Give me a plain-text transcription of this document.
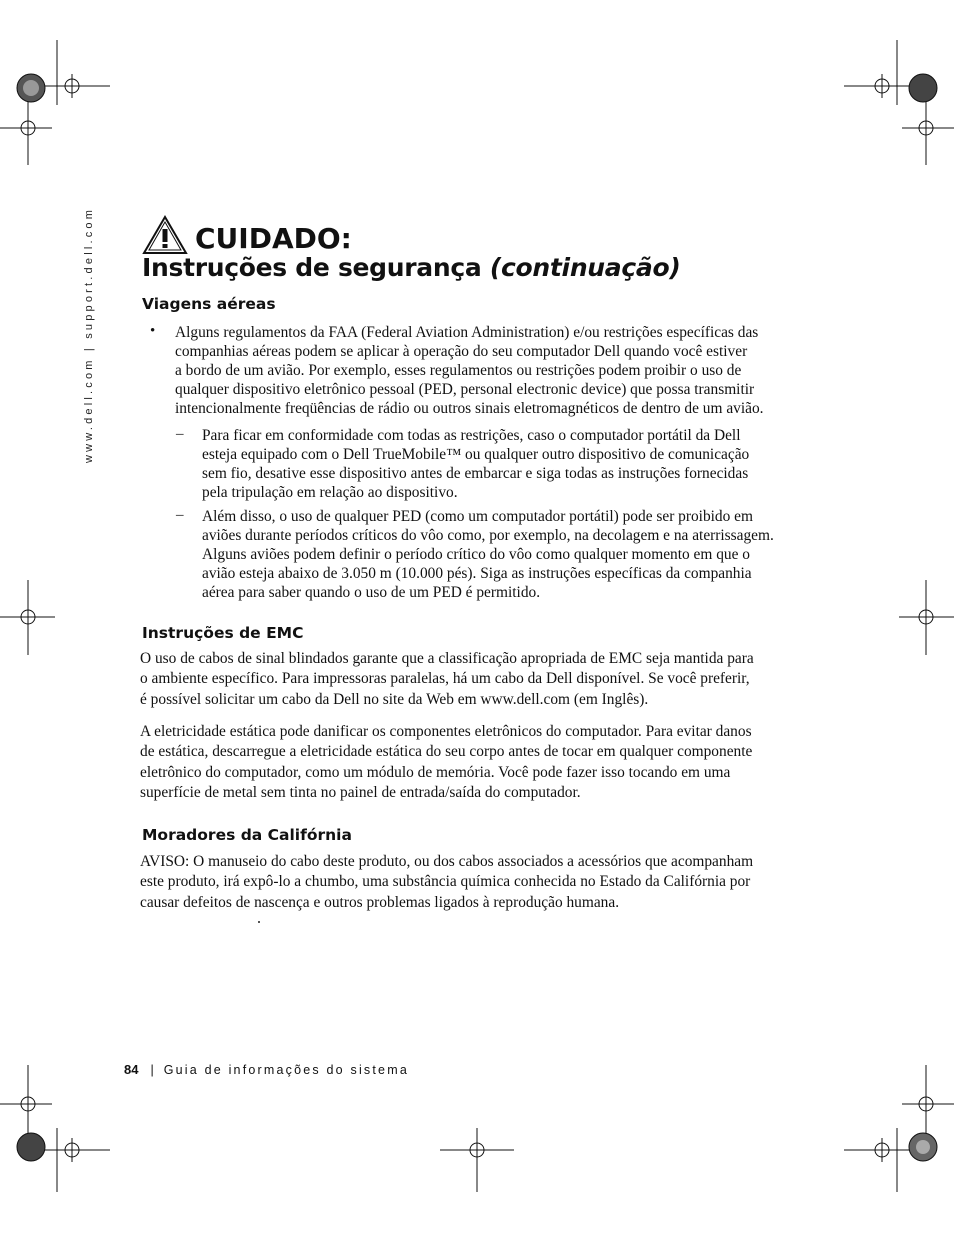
www.dell.com | support.dell.com	CUIDADO:
Instruções de segurança (continuação)
Viagens aéreas
• Alguns regulamentos da FAA (Federal Aviation Administration) e/ou restrições específicas das
companhias aéreas podem se aplicar à operação do seu computador Dell quando você estiver
a bordo de um avião. Por exemplo, esses regulamentos ou restrições podem proibir o uso de
qualquer dispositivo eletrônico pessoal (PED, personal electronic device) que possa transmitir
intencionalmente freqüências de rádio ou outros sinais eletromagnéticos de dentro de um avião.
– Para ficar em conformidade com todas as restrições, caso o computador portátil da Dell
esteja equipado com o Dell TrueMobile™ ou qualquer outro dispositivo de comunicação
sem fio, desative esse dispositivo antes de embarcar e siga todas as instruções fornecidas
pela tripulação em relação ao dispositivo.
– Além disso, o uso de qualquer PED (como um computador portátil) pode ser proibido em
aviões durante períodos críticos do vôo como, por exemplo, na decolagem e na aterrissagem.
Alguns aviões podem definir o período crítico do vôo como qualquer momento em que o
avião esteja abaixo de 3.050 m (10.000 pés). Siga as instruções específicas da companhia
aérea para saber quando o uso de um PED é permitido.
Instruções de EMC
O uso de cabos de sinal blindados garante que a classificação apropriada de EMC seja mantida para
o ambiente específico. Para impressoras paralelas, há um cabo da Dell disponível. Se você preferir,
é possível solicitar um cabo da Dell no site da Web em www.dell.com (em Inglês).
A eletricidade estática pode danificar os componentes eletrônicos do computador. Para evitar danos
de estática, descarregue a eletricidade estática do seu corpo antes de tocar em qualquer componente
eletrônico do computador, como um módulo de memória. Você pode fazer isso tocando em uma
superfície de metal sem tinta no painel de entrada/saída do computador.
Moradores da Califórnia
AVISO: O manuseio do cabo deste produto, ou dos cabos associados a acessórios que acompanham
este produto, irá expô-lo a chumbo, uma substância química conhecida no Estado da Califórnia por
causar defeitos de nascença e outros problemas ligados à reprodução humana.
84 | Guia de informações do sistema
